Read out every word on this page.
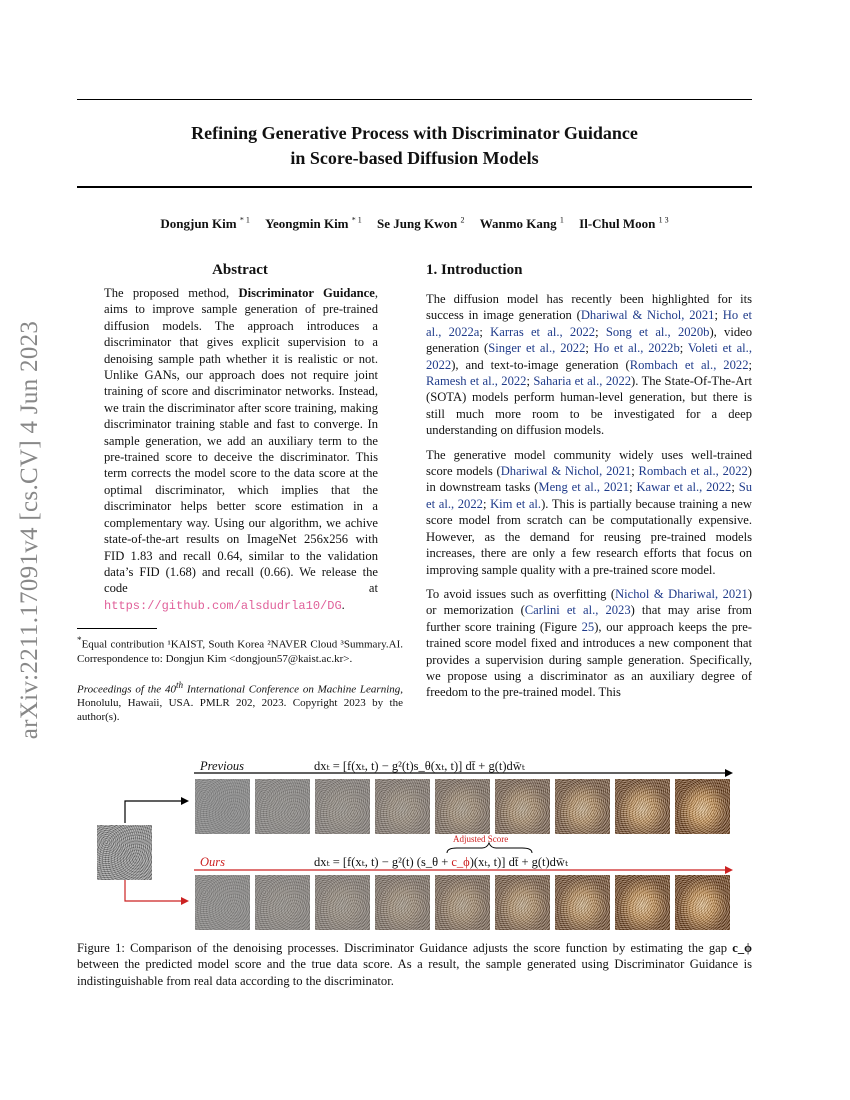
arXiv:2211.17091v4 [cs.CV] 4 Jun 2023
Refining Generative Process with Discriminator Guidance
in Score-based Diffusion Models
Dongjun Kim $^{* 1}$ Yeongmin Kim $^{* 1}$ Se Jung Kwon $^2$ Wanmo Kang $^1$ Il-Chul Moon $^{1 3}$
Abstract
The proposed method, Discriminator Guidance, aims to improve sample generation of pre-trained diffusion models. The approach introduces a discriminator that gives explicit supervision to a denoising sample path whether it is realistic or not. Unlike GANs, our approach does not require joint training of score and discriminator networks. Instead, we train the discriminator after score training, making discriminator training stable and fast to converge. In sample generation, we add an auxiliary term to the pre-trained score to deceive the discriminator. This term corrects the model score to the data score at the optimal discriminator, which implies that the discriminator helps better score estimation in a complementary way. Using our algorithm, we achive state-of-the-art results on ImageNet 256x256 with FID 1.83 and recall 0.64, similar to the validation data’s FID (1.68) and recall (0.66). We release the code at https://github.com/alsdudrla10/DG.
*Equal contribution ¹KAIST, South Korea ²NAVER Cloud ³Summary.AI. Correspondence to: Dongjun Kim <dongjoun57@kaist.ac.kr>.
Proceedings of the 40th International Conference on Machine Learning, Honolulu, Hawaii, USA. PMLR 202, 2023. Copyright 2023 by the author(s).
1. Introduction

The diffusion model has recently been highlighted for its success in image generation (Dhariwal & Nichol, 2021; Ho et al., 2022a; Karras et al., 2022; Song et al., 2020b), video generation (Singer et al., 2022; Ho et al., 2022b; Voleti et al., 2022), and text-to-image generation (Rombach et al., 2022; Ramesh et al., 2022; Saharia et al., 2022). The State-Of-The-Art (SOTA) models perform human-level generation, but there is still much more room to be investigated for a deep understanding on diffusion models.

The generative model community widely uses well-trained score models (Dhariwal & Nichol, 2021; Rombach et al., 2022) in downstream tasks (Meng et al., 2021; Kawar et al., 2022; Su et al., 2022; Kim et al.). This is partially because training a new score model from scratch can be computationally expensive. However, as the demand for reusing pre-trained models increases, there are only a few research efforts that focus on improving sample quality with a pre-trained score model.

To avoid issues such as overfitting (Nichol & Dhariwal, 2021) or memorization (Carlini et al., 2023) that may arise from further score training (Figure 25), our approach keeps the pre-trained score model fixed and introduces a new component that provides a supervision during sample generation. Specifically, we propose using a discriminator as an auxiliary degree of freedom to the pre-trained model. This

Previous	dxₜ = [f(xₜ, t) − g²(t)s_θ(xₜ, t)] dt̄ + g(t)dw̄ₜ
Adjusted Score
Ours	dxₜ = [f(xₜ, t) − g²(t) (s_θ + c_ϕ)(xₜ, t)] dt̄ + g(t)dw̄ₜ
Figure 1: Comparison of the denoising processes. Discriminator Guidance adjusts the score function by estimating the gap c_ϕ between the predicted model score and the true data score. As a result, the sample generated using Discriminator Guidance is indistinguishable from real data according to the discriminator.
